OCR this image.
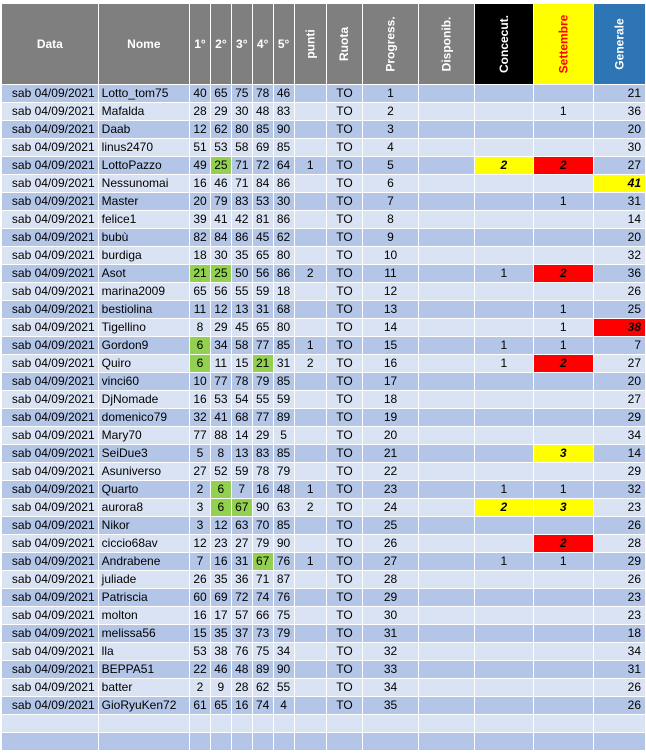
Data	Nome	1°	2°	3°	4°	5°	punti	Ruota	Progress.	Disponib.	Concecut.	Settembre	Generale
sab 04/09/2021	Lotto_tom75	40	65	75	78	46		TO	1				21
sab 04/09/2021	Mafalda	28	29	30	48	83		TO	2			1	36
sab 04/09/2021	Daab	12	62	80	85	90		TO	3				20
sab 04/09/2021	linus2470	51	53	58	69	85		TO	4				30
sab 04/09/2021	LottoPazzo	49	25	71	72	64	1	TO	5		2	2	27
sab 04/09/2021	Nessunomai	16	46	71	84	86		TO	6				41
sab 04/09/2021	Master	20	79	83	53	30		TO	7			1	31
sab 04/09/2021	felice1	39	41	42	81	86		TO	8				14
sab 04/09/2021	bubù	82	84	86	45	62		TO	9				20
sab 04/09/2021	burdiga	18	30	35	65	80		TO	10				32
sab 04/09/2021	Asot	21	25	50	56	86	2	TO	11		1	2	36
sab 04/09/2021	marina2009	65	56	55	59	18		TO	12				26
sab 04/09/2021	bestiolina	11	12	13	31	68		TO	13			1	25
sab 04/09/2021	Tigellino	8	29	45	65	80		TO	14			1	38
sab 04/09/2021	Gordon9	6	34	58	77	85	1	TO	15		1	1	7
sab 04/09/2021	Quiro	6	11	15	21	31	2	TO	16		1	2	27
sab 04/09/2021	vinci60	10	77	78	79	85		TO	17				20
sab 04/09/2021	DjNomade	16	53	54	55	59		TO	18				27
sab 04/09/2021	domenico79	32	41	68	77	89		TO	19				29
sab 04/09/2021	Mary70	77	88	14	29	5		TO	20				34
sab 04/09/2021	SeiDue3	5	8	13	83	85		TO	21			3	14
sab 04/09/2021	Asuniverso	27	52	59	78	79		TO	22				29
sab 04/09/2021	Quarto	2	6	7	16	48	1	TO	23		1	1	32
sab 04/09/2021	aurora8	3	6	67	90	63	2	TO	24		2	3	23
sab 04/09/2021	Nikor	3	12	63	70	85		TO	25				26
sab 04/09/2021	ciccio68av	12	23	27	79	90		TO	26			2	28
sab 04/09/2021	Andrabene	7	16	31	67	76	1	TO	27		1	1	29
sab 04/09/2021	juliade	26	35	36	71	87		TO	28				26
sab 04/09/2021	Patriscia	60	69	72	74	76		TO	29				23
sab 04/09/2021	molton	16	17	57	66	75		TO	30				23
sab 04/09/2021	melissa56	15	35	37	73	79		TO	31				18
sab 04/09/2021	lla	53	38	76	75	34		TO	32				34
sab 04/09/2021	BEPPA51	22	46	48	89	90		TO	33				31
sab 04/09/2021	batter	2	9	28	62	55		TO	34				26
sab 04/09/2021	GioRyuKen72	61	65	16	74	4		TO	35				26
